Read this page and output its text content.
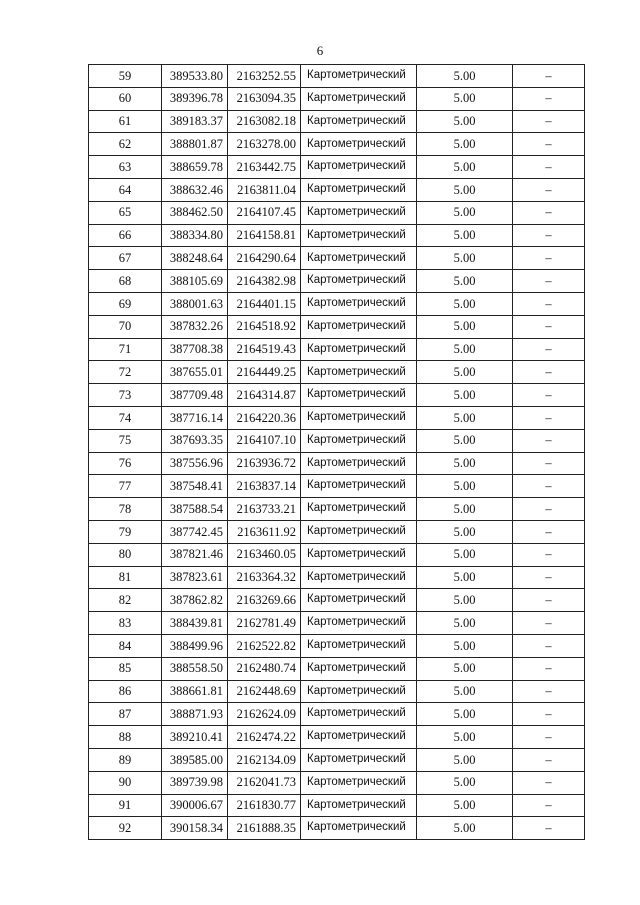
6
59	389533.80	2163252.55	Картометрический	5.00	–
60	389396.78	2163094.35	Картометрический	5.00	–
61	389183.37	2163082.18	Картометрический	5.00	–
62	388801.87	2163278.00	Картометрический	5.00	–
63	388659.78	2163442.75	Картометрический	5.00	–
64	388632.46	2163811.04	Картометрический	5.00	–
65	388462.50	2164107.45	Картометрический	5.00	–
66	388334.80	2164158.81	Картометрический	5.00	–
67	388248.64	2164290.64	Картометрический	5.00	–
68	388105.69	2164382.98	Картометрический	5.00	–
69	388001.63	2164401.15	Картометрический	5.00	–
70	387832.26	2164518.92	Картометрический	5.00	–
71	387708.38	2164519.43	Картометрический	5.00	–
72	387655.01	2164449.25	Картометрический	5.00	–
73	387709.48	2164314.87	Картометрический	5.00	–
74	387716.14	2164220.36	Картометрический	5.00	–
75	387693.35	2164107.10	Картометрический	5.00	–
76	387556.96	2163936.72	Картометрический	5.00	–
77	387548.41	2163837.14	Картометрический	5.00	–
78	387588.54	2163733.21	Картометрический	5.00	–
79	387742.45	2163611.92	Картометрический	5.00	–
80	387821.46	2163460.05	Картометрический	5.00	–
81	387823.61	2163364.32	Картометрический	5.00	–
82	387862.82	2163269.66	Картометрический	5.00	–
83	388439.81	2162781.49	Картометрический	5.00	–
84	388499.96	2162522.82	Картометрический	5.00	–
85	388558.50	2162480.74	Картометрический	5.00	–
86	388661.81	2162448.69	Картометрический	5.00	–
87	388871.93	2162624.09	Картометрический	5.00	–
88	389210.41	2162474.22	Картометрический	5.00	–
89	389585.00	2162134.09	Картометрический	5.00	–
90	389739.98	2162041.73	Картометрический	5.00	–
91	390006.67	2161830.77	Картометрический	5.00	–
92	390158.34	2161888.35	Картометрический	5.00	–
